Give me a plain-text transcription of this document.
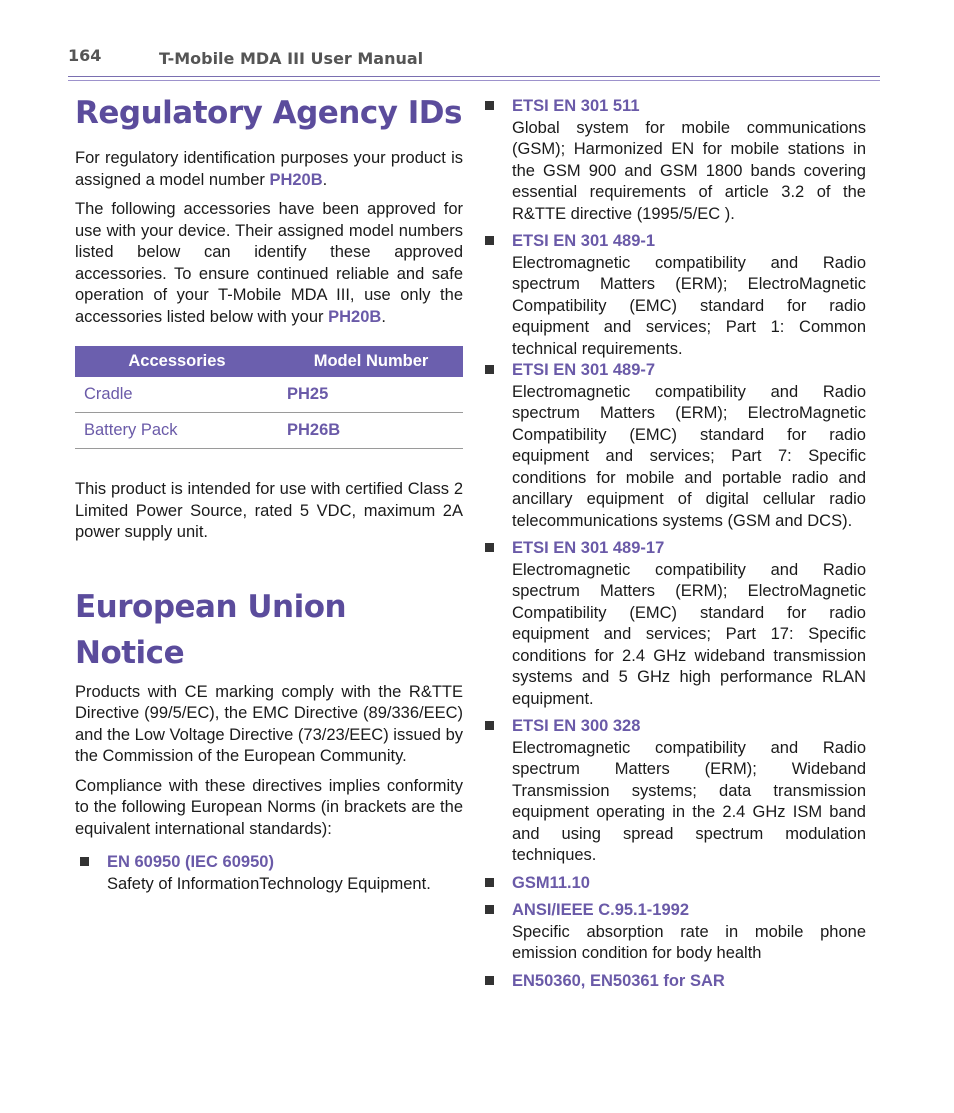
164	T-Mobile MDA III User Manual
Regulatory Agency IDs

For regulatory identification purposes your product is assigned a model number PH20B.

The following accessories have been approved for use with your device. Their assigned model numbers listed below can identify these approved accessories. To ensure continued reliable and safe operation of your T-Mobile MDA III, use only the accessories listed below with your PH20B.

Accessories	Model Number
Cradle	PH25
Battery Pack	PH26B

This product is intended for use with certified Class 2 Limited Power Source, rated 5 VDC, maximum 2A power supply unit.

European Union Notice

Products with CE marking comply with the R&TTE Directive (99/5/EC), the EMC Directive (89/336/EEC) and the Low Voltage Directive (73/23/EEC) issued by the Commission of the European Community.

Compliance with these directives implies conformity to the following European Norms (in brackets are the equivalent international standards):

EN 60950 (IEC 60950)
Safety of InformationTechnology Equipment.
ETSI EN 301 511
Global system for mobile communications (GSM); Harmonized EN for mobile stations in the GSM 900 and GSM 1800 bands covering essential requirements of article 3.2 of the R&TTE directive (1995/5/EC ).
ETSI EN 301 489-1
Electromagnetic compatibility and Radio spectrum Matters (ERM); ElectroMagnetic Compatibility (EMC) standard for radio equipment and services; Part 1: Common technical requirements.
ETSI EN 301 489-7
Electromagnetic compatibility and Radio spectrum Matters (ERM); ElectroMagnetic Compatibility (EMC) standard for radio equipment and services; Part 7: Specific conditions for mobile and portable radio and ancillary equipment of digital cellular radio telecommunications systems (GSM and DCS).
ETSI EN 301 489-17
Electromagnetic compatibility and Radio spectrum Matters (ERM); ElectroMagnetic Compatibility (EMC) standard for radio equipment and services; Part 17: Specific conditions for 2.4 GHz wideband transmission systems and 5 GHz high performance RLAN equipment.
ETSI EN 300 328
Electromagnetic compatibility and Radio spectrum Matters (ERM); Wideband Transmission systems; data transmission equipment operating in the 2.4 GHz ISM band and using spread spectrum modulation techniques.
GSM11.10
ANSI/IEEE C.95.1-1992
Specific absorption rate in mobile phone emission condition for body health
EN50360, EN50361 for SAR
